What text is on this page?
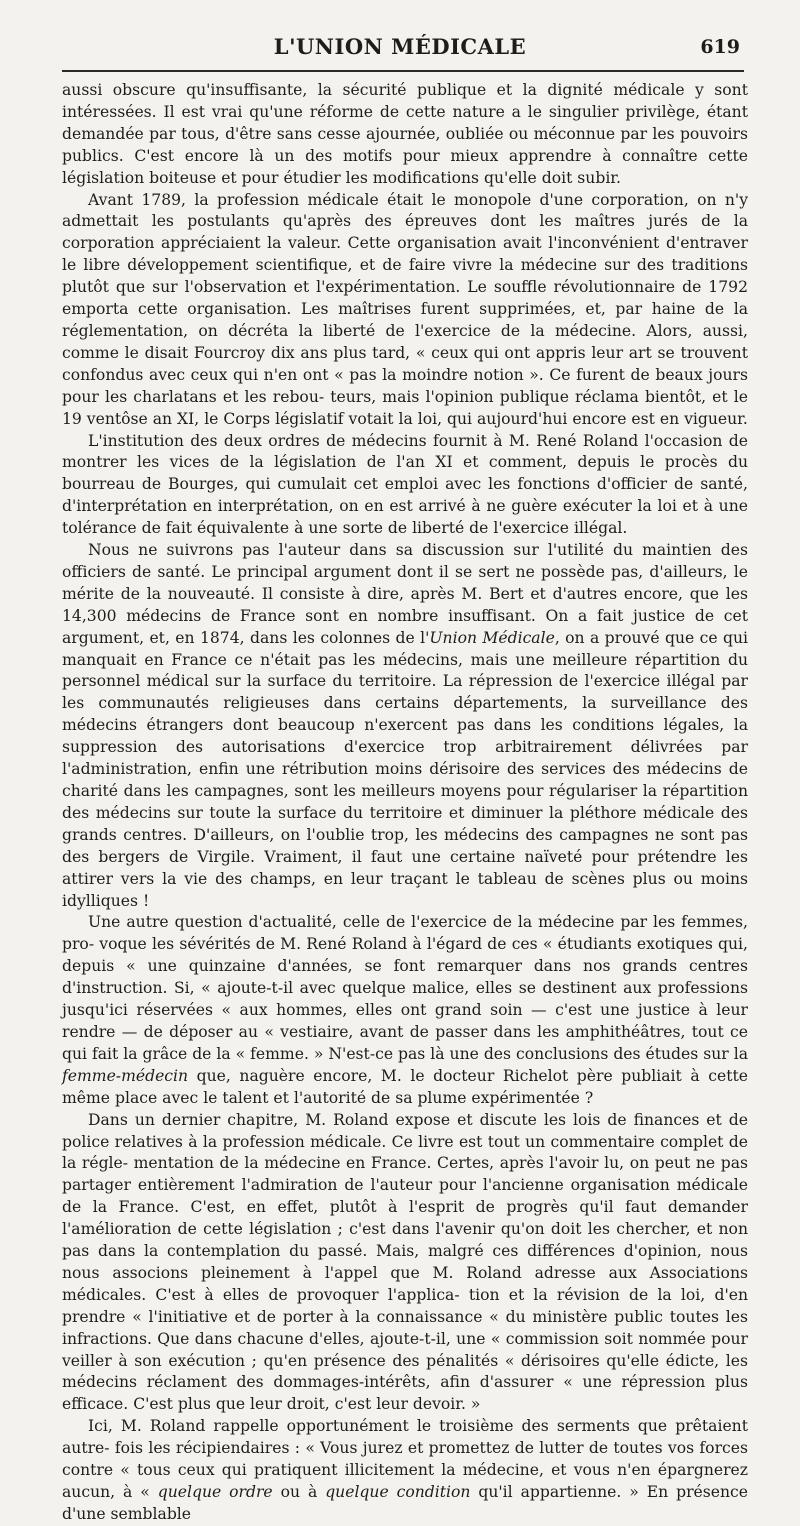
L'UNION MÉDICALE	619

aussi obscure qu'insuffisante, la sécurité publique et la dignité médicale y sont intéressées. Il est vrai qu'une réforme de cette nature a le singulier privilège, étant demandée par tous, d'être sans cesse ajournée, oubliée ou méconnue par les pouvoirs publics. C'est encore là un des motifs pour mieux apprendre à connaître cette législation boiteuse et pour étudier les modifications qu'elle doit subir.

Avant 1789, la profession médicale était le monopole d'une corporation, on n'y admettait les postulants qu'après des épreuves dont les maîtres jurés de la corporation appréciaient la valeur. Cette organisation avait l'inconvénient d'entraver le libre développement scientifique, et de faire vivre la médecine sur des traditions plutôt que sur l'observation et l'expérimentation. Le souffle révolutionnaire de 1792 emporta cette organisation. Les maîtrises furent supprimées, et, par haine de la réglementation, on décréta la liberté de l'exercice de la médecine. Alors, aussi, comme le disait Fourcroy dix ans plus tard, « ceux qui ont appris leur art se trouvent confondus avec ceux qui n'en ont « pas la moindre notion ». Ce furent de beaux jours pour les charlatans et les rebou- teurs, mais l'opinion publique réclama bientôt, et le 19 ventôse an XI, le Corps législatif votait la loi, qui aujourd'hui encore est en vigueur.

L'institution des deux ordres de médecins fournit à M. René Roland l'occasion de montrer les vices de la législation de l'an XI et comment, depuis le procès du bourreau de Bourges, qui cumulait cet emploi avec les fonctions d'officier de santé, d'interprétation en interprétation, on en est arrivé à ne guère exécuter la loi et à une tolérance de fait équivalente à une sorte de liberté de l'exercice illégal.

Nous ne suivrons pas l'auteur dans sa discussion sur l'utilité du maintien des officiers de santé. Le principal argument dont il se sert ne possède pas, d'ailleurs, le mérite de la nouveauté. Il consiste à dire, après M. Bert et d'autres encore, que les 14,300 médecins de France sont en nombre insuffisant. On a fait justice de cet argument, et, en 1874, dans les colonnes de l'Union Médicale, on a prouvé que ce qui manquait en France ce n'était pas les médecins, mais une meilleure répartition du personnel médical sur la surface du territoire. La répression de l'exercice illégal par les communautés religieuses dans certains départements, la surveillance des médecins étrangers dont beaucoup n'exercent pas dans les conditions légales, la suppression des autorisations d'exercice trop arbitrairement délivrées par l'administration, enfin une rétribution moins dérisoire des services des médecins de charité dans les campagnes, sont les meilleurs moyens pour régulariser la répartition des médecins sur toute la surface du territoire et diminuer la pléthore médicale des grands centres. D'ailleurs, on l'oublie trop, les médecins des campagnes ne sont pas des bergers de Virgile. Vraiment, il faut une certaine naïveté pour prétendre les attirer vers la vie des champs, en leur traçant le tableau de scènes plus ou moins idylliques !

Une autre question d'actualité, celle de l'exercice de la médecine par les femmes, pro- voque les sévérités de M. René Roland à l'égard de ces « étudiants exotiques qui, depuis « une quinzaine d'années, se font remarquer dans nos grands centres d'instruction. Si, « ajoute-t-il avec quelque malice, elles se destinent aux professions jusqu'ici réservées « aux hommes, elles ont grand soin — c'est une justice à leur rendre — de déposer au « vestiaire, avant de passer dans les amphithéâtres, tout ce qui fait la grâce de la « femme. » N'est-ce pas là une des conclusions des études sur la femme-médecin que, naguère encore, M. le docteur Richelot père publiait à cette même place avec le talent et l'autorité de sa plume expérimentée ?

Dans un dernier chapitre, M. Roland expose et discute les lois de finances et de police relatives à la profession médicale. Ce livre est tout un commentaire complet de la régle- mentation de la médecine en France. Certes, après l'avoir lu, on peut ne pas partager entièrement l'admiration de l'auteur pour l'ancienne organisation médicale de la France. C'est, en effet, plutôt à l'esprit de progrès qu'il faut demander l'amélioration de cette législation ; c'est dans l'avenir qu'on doit les chercher, et non pas dans la contemplation du passé. Mais, malgré ces différences d'opinion, nous nous associons pleinement à l'appel que M. Roland adresse aux Associations médicales. C'est à elles de provoquer l'applica- tion et la révision de la loi, d'en prendre « l'initiative et de porter à la connaissance « du ministère public toutes les infractions. Que dans chacune d'elles, ajoute-t-il, une « commission soit nommée pour veiller à son exécution ; qu'en présence des pénalités « dérisoires qu'elle édicte, les médecins réclament des dommages-intérêts, afin d'assurer « une répression plus efficace. C'est plus que leur droit, c'est leur devoir. »

Ici, M. Roland rappelle opportunément le troisième des serments que prêtaient autre- fois les récipiendaires : « Vous jurez et promettez de lutter de toutes vos forces contre « tous ceux qui pratiquent illicitement la médecine, et vous n'en épargnerez aucun, à « quelque ordre ou à quelque condition qu'il appartienne. » En présence d'une semblable
